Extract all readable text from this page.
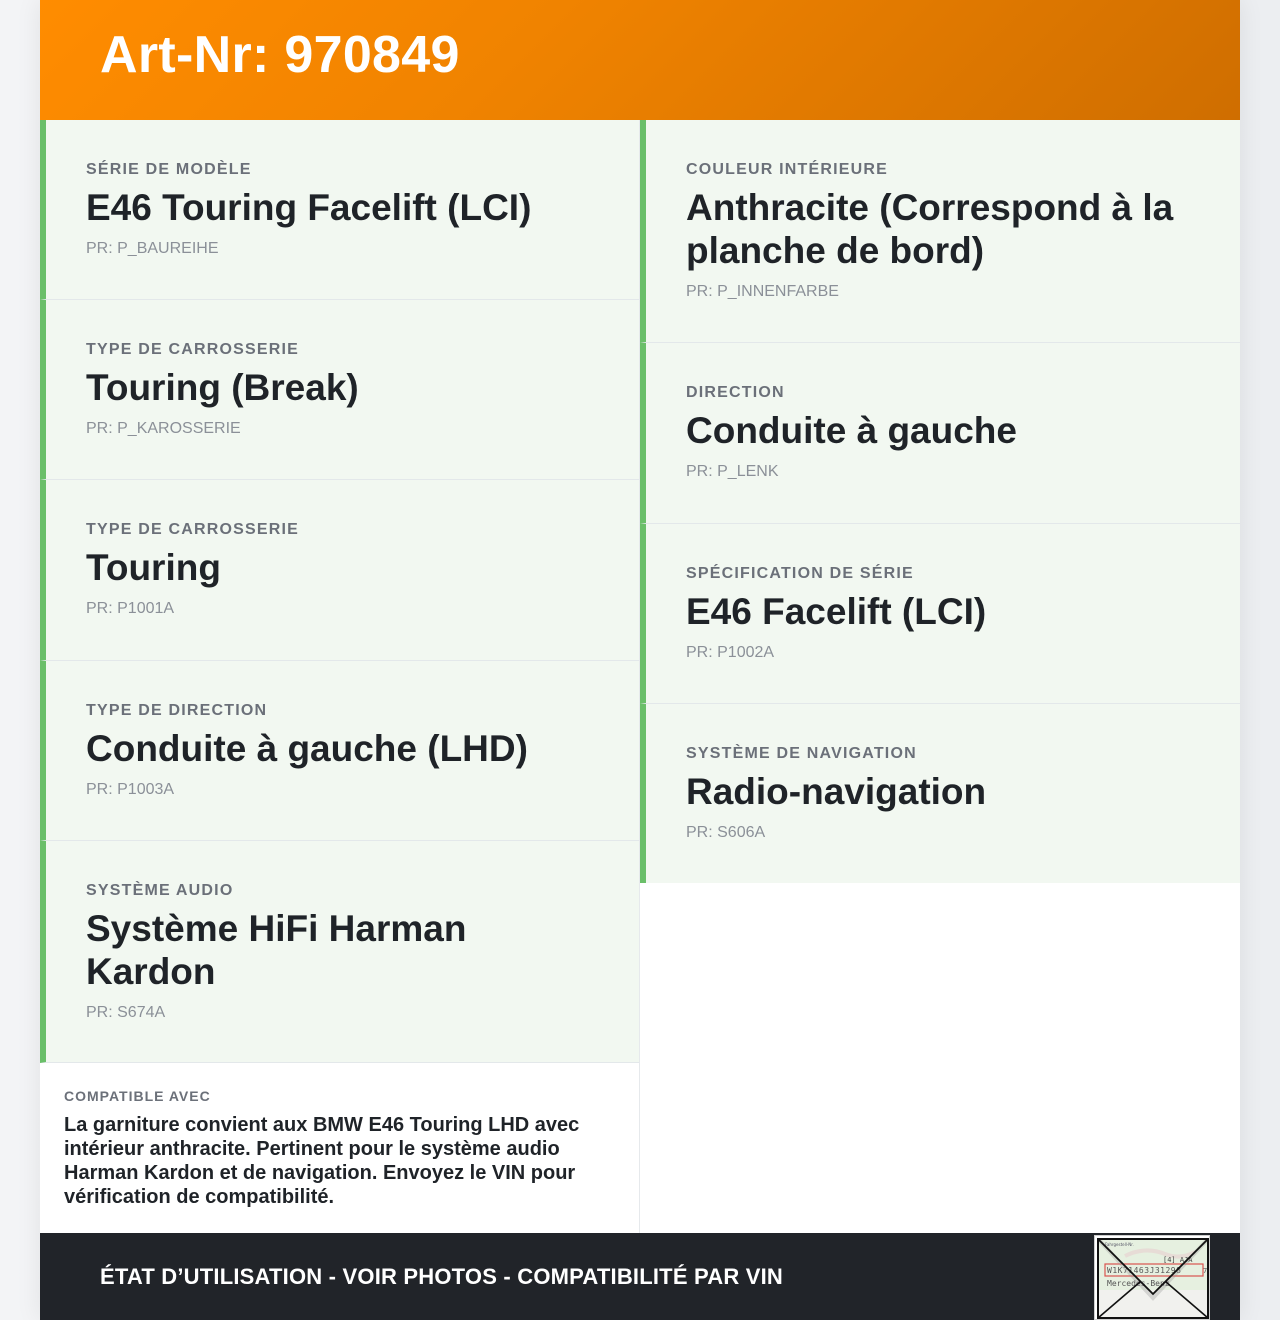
Art-Nr: 970849
SÉRIE DE MODÈLE
E46 Touring Facelift (LCI)
PR: P_BAUREIHE
TYPE DE CARROSSERIE
Touring (Break)
PR: P_KAROSSERIE
TYPE DE CARROSSERIE
Touring
PR: P1001A
TYPE DE DIRECTION
Conduite à gauche (LHD)
PR: P1003A
SYSTÈME AUDIO
Système HiFi Harman Kardon
PR: S674A
COMPATIBLE AVEC
La garniture convient aux BMW E46 Touring LHD avec intérieur anthracite. Pertinent pour le système audio Harman Kardon et de navigation. Envoyez le VIN pour vérification de compatibilité.
COULEUR INTÉRIEURE
Anthracite (Correspond à la planche de bord)
PR: P_INNENFARBE
DIRECTION
Conduite à gauche
PR: P_LENK
SPÉCIFICATION DE SÉRIE
E46 Facelift (LCI)
PR: P1002A
SYSTÈME DE NAVIGATION
Radio-navigation
PR: S606A
ÉTAT D’UTILISATION - VOIR PHOTOS - COMPATIBILITÉ PAR VIN
Fahrgestell-Nr.
[4] AJA
W1K71463J31298	7
Mercedes-Benz
